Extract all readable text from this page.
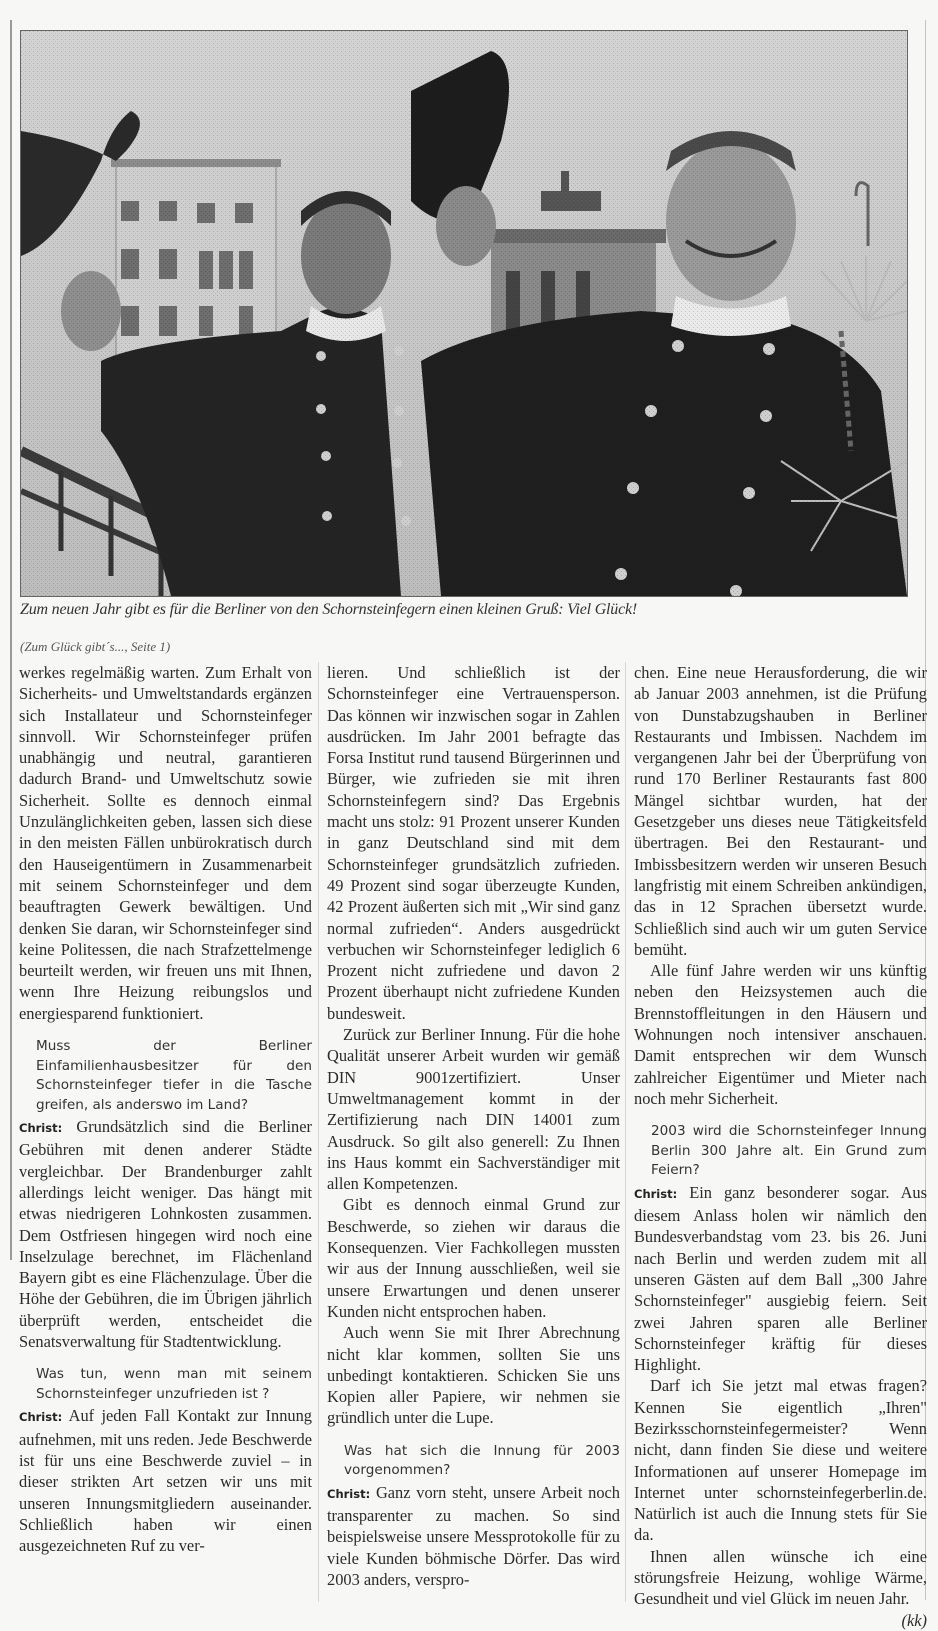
Zum neuen Jahr gibt es für die Berliner von den Schornsteinfegern einen kleinen Gruß: Viel Glück!
(Zum Glück gibt´s..., Seite 1)

werkes regelmäßig warten. Zum Erhalt von Sicherheits- und Umweltstandards ergänzen sich Installateur und Schornsteinfeger sinnvoll. Wir Schornsteinfeger prüfen unabhängig und neutral, garantieren dadurch Brand- und Umweltschutz sowie Sicherheit. Sollte es dennoch einmal Unzulänglichkeiten geben, lassen sich diese in den meisten Fällen unbürokratisch durch den Hauseigentümern in Zusammenarbeit mit seinem Schornsteinfeger und dem beauftragten Gewerk bewältigen. Und denken Sie daran, wir Schornsteinfeger sind keine Politessen, die nach Strafzettelmenge beurteilt werden, wir freuen uns mit Ihnen, wenn Ihre Heizung reibungslos und energiesparend funktioniert.

Muss der Berliner Einfamilienhausbesitzer für den Schornsteinfeger tiefer in die Tasche greifen, als anderswo im Land?

Christ: Grundsätzlich sind die Berliner Gebühren mit denen anderer Städte vergleichbar. Der Brandenburger zahlt allerdings leicht weniger. Das hängt mit etwas niedrigeren Lohnkosten zusammen. Dem Ostfriesen hingegen wird noch eine Inselzulage berechnet, im Flächenland Bayern gibt es eine Flächenzulage. Über die Höhe der Gebühren, die im Übrigen jährlich überprüft werden, entscheidet die Senatsverwaltung für Stadtentwicklung.

Was tun, wenn man mit seinem Schornsteinfeger unzufrieden ist ?

Christ: Auf jeden Fall Kontakt zur Innung aufnehmen, mit uns reden. Jede Beschwerde ist für uns eine Beschwerde zuviel – in dieser strikten Art setzen wir uns mit unseren Innungsmitgliedern auseinander. Schließlich haben wir einen ausgezeichneten Ruf zu ver-

lieren. Und schließlich ist der Schornsteinfeger eine Vertrauensperson. Das können wir inzwischen sogar in Zahlen ausdrücken. Im Jahr 2001 befragte das Forsa Institut rund tausend Bürgerinnen und Bürger, wie zufrieden sie mit ihren Schornsteinfegern sind? Das Ergebnis macht uns stolz: 91 Prozent unserer Kunden in ganz Deutschland sind mit dem Schornsteinfeger grundsätzlich zufrieden. 49 Prozent sind sogar überzeugte Kunden, 42 Prozent äußerten sich mit „Wir sind ganz normal zufrieden“. Anders ausgedrückt verbuchen wir Schornsteinfeger lediglich 6 Prozent nicht zufriedene und davon 2 Prozent überhaupt nicht zufriedene Kunden bundesweit.

Zurück zur Berliner Innung. Für die hohe Qualität unserer Arbeit wurden wir gemäß DIN 9001zertifiziert. Unser Umweltmanagement kommt in der Zertifizierung nach DIN 14001 zum Ausdruck. So gilt also generell: Zu Ihnen ins Haus kommt ein Sachverständiger mit allen Kompetenzen.

Gibt es dennoch einmal Grund zur Beschwerde, so ziehen wir daraus die Konsequenzen. Vier Fachkollegen mussten wir aus der Innung ausschließen, weil sie unsere Erwartungen und denen unserer Kunden nicht entsprochen haben.

Auch wenn Sie mit Ihrer Abrechnung nicht klar kommen, sollten Sie uns unbedingt kontaktieren. Schicken Sie uns Kopien aller Papiere, wir nehmen sie gründlich unter die Lupe.

Was hat sich die Innung für 2003 vorgenommen?

Christ: Ganz vorn steht, unsere Arbeit noch transparenter zu machen. So sind beispielsweise unsere Messprotokolle für zu viele Kunden böhmische Dörfer. Das wird 2003 anders, verspro-

chen. Eine neue Herausforderung, die wir ab Januar 2003 annehmen, ist die Prüfung von Dunstabzugshauben in Berliner Restaurants und Imbissen. Nachdem im vergangenen Jahr bei der Überprüfung von rund 170 Berliner Restaurants fast 800 Mängel sichtbar wurden, hat der Gesetzgeber uns dieses neue Tätigkeitsfeld übertragen. Bei den Restaurant- und Imbissbesitzern werden wir unseren Besuch langfristig mit einem Schreiben ankündigen, das in 12 Sprachen übersetzt wurde. Schließlich sind auch wir um guten Service bemüht.

Alle fünf Jahre werden wir uns künftig neben den Heizsystemen auch die Brennstoffleitungen in den Häusern und Wohnungen noch intensiver anschauen. Damit entsprechen wir dem Wunsch zahlreicher Eigentümer und Mieter nach noch mehr Sicherheit.

2003 wird die Schornsteinfeger Innung Berlin 300 Jahre alt. Ein Grund zum Feiern?

Christ: Ein ganz besonderer sogar. Aus diesem Anlass holen wir nämlich den Bundesverbandstag vom 23. bis 26. Juni nach Berlin und werden zudem mit all unseren Gästen auf dem Ball „300 Jahre Schornsteinfeger" ausgiebig feiern. Seit zwei Jahren sparen alle Berliner Schornsteinfeger kräftig für dieses Highlight.

Darf ich Sie jetzt mal etwas fragen? Kennen Sie eigentlich „Ihren" Bezirksschornsteinfegermeister? Wenn nicht, dann finden Sie diese und weitere Informationen auf unserer Homepage im Internet unter schornsteinfegerberlin.de. Natürlich ist auch die Innung stets für Sie da.

Ihnen allen wünsche ich eine störungsfreie Heizung, wohlige Wärme, Gesundheit und viel Glück im neuen Jahr.
(kk)
